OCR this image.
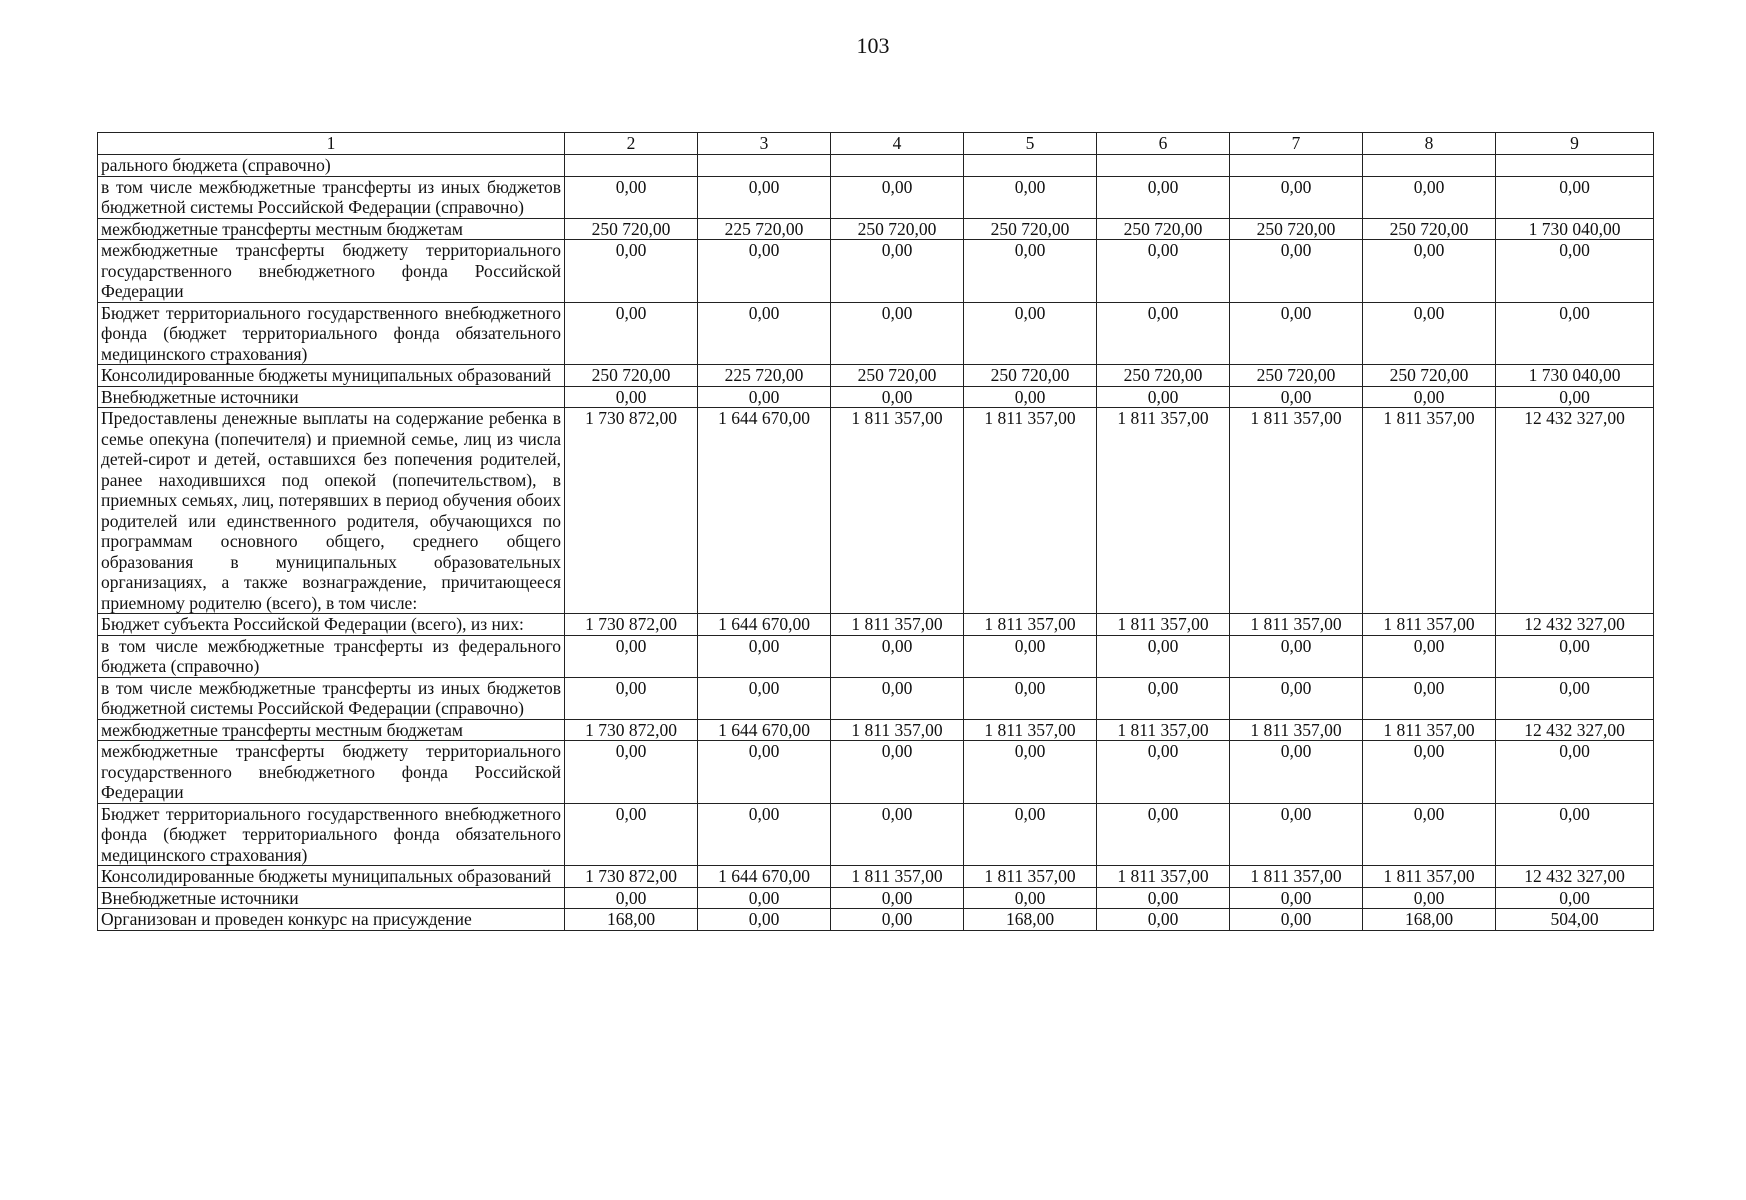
103
1	2	3	4	5	6	7	8	9
рального бюджета (справочно)								
в том числе межбюджетные трансферты из иных бюджетов бюджетной системы Российской Федерации (справочно)	0,00	0,00	0,00	0,00	0,00	0,00	0,00	0,00
межбюджетные трансферты местным бюджетам	250 720,00	225 720,00	250 720,00	250 720,00	250 720,00	250 720,00	250 720,00	1 730 040,00
межбюджетные трансферты бюджету территориального государственного внебюджетного фонда Российской Федерации	0,00	0,00	0,00	0,00	0,00	0,00	0,00	0,00
Бюджет территориального государственного внебюджетного фонда (бюджет территориального фонда обязательного медицинского страхования)	0,00	0,00	0,00	0,00	0,00	0,00	0,00	0,00
Консолидированные бюджеты муниципальных образований	250 720,00	225 720,00	250 720,00	250 720,00	250 720,00	250 720,00	250 720,00	1 730 040,00
Внебюджетные источники	0,00	0,00	0,00	0,00	0,00	0,00	0,00	0,00
Предоставлены денежные выплаты на содержание ребенка в семье опекуна (попечителя) и приемной семье, лиц из числа детей-сирот и детей, оставшихся без попечения родителей, ранее находившихся под опекой (попечительством), в приемных семьях, лиц, потерявших в период обучения обоих родителей или единственного родителя, обучающихся по программам основного общего, среднего общего образования в муниципальных образовательных организациях, а также вознаграждение, причитающееся приемному родителю (всего), в том числе:	1 730 872,00	1 644 670,00	1 811 357,00	1 811 357,00	1 811 357,00	1 811 357,00	1 811 357,00	12 432 327,00
Бюджет субъекта Российской Федерации (всего), из них:	1 730 872,00	1 644 670,00	1 811 357,00	1 811 357,00	1 811 357,00	1 811 357,00	1 811 357,00	12 432 327,00
в том числе межбюджетные трансферты из федерального бюджета (справочно)	0,00	0,00	0,00	0,00	0,00	0,00	0,00	0,00
в том числе межбюджетные трансферты из иных бюджетов бюджетной системы Российской Федерации (справочно)	0,00	0,00	0,00	0,00	0,00	0,00	0,00	0,00
межбюджетные трансферты местным бюджетам	1 730 872,00	1 644 670,00	1 811 357,00	1 811 357,00	1 811 357,00	1 811 357,00	1 811 357,00	12 432 327,00
межбюджетные трансферты бюджету территориального государственного внебюджетного фонда Российской Федерации	0,00	0,00	0,00	0,00	0,00	0,00	0,00	0,00
Бюджет территориального государственного внебюджетного фонда (бюджет территориального фонда обязательного медицинского страхования)	0,00	0,00	0,00	0,00	0,00	0,00	0,00	0,00
Консолидированные бюджеты муниципальных образований	1 730 872,00	1 644 670,00	1 811 357,00	1 811 357,00	1 811 357,00	1 811 357,00	1 811 357,00	12 432 327,00
Внебюджетные источники	0,00	0,00	0,00	0,00	0,00	0,00	0,00	0,00
Организован и проведен конкурс на присуждение	168,00	0,00	0,00	168,00	0,00	0,00	168,00	504,00
